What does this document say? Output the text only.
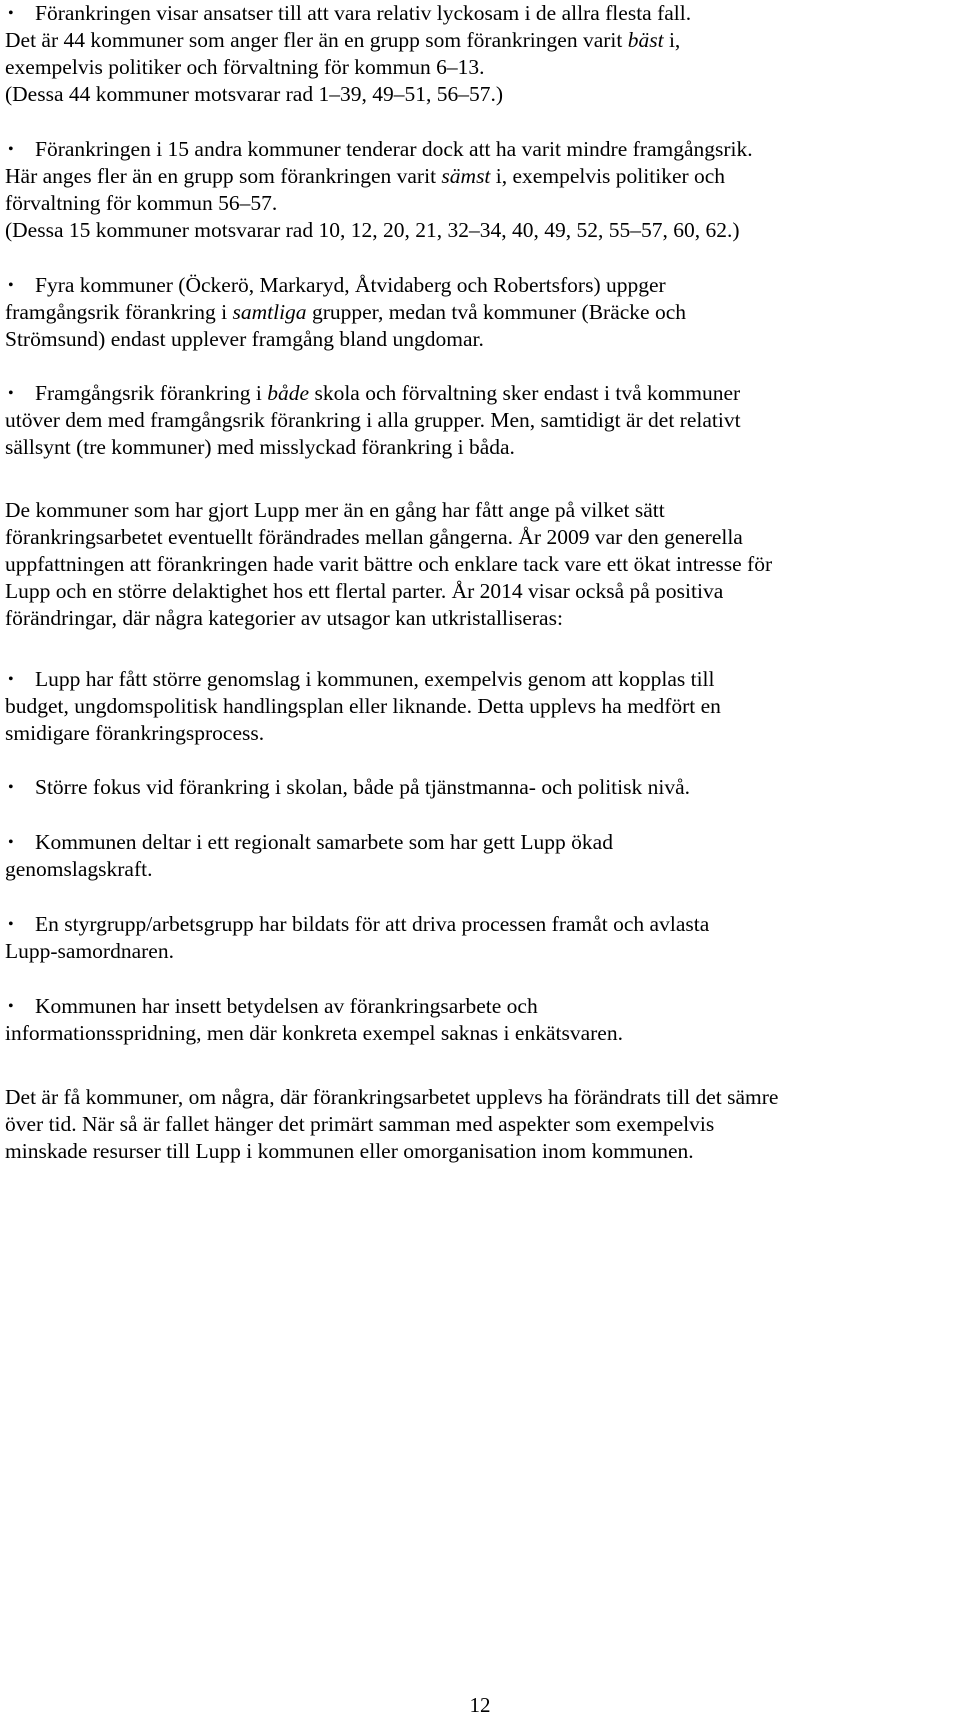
• Förankringen visar ansatser till att vara relativ lyckosam i de allra flesta fall.
Det är 44 kommuner som anger fler än en grupp som förankringen varit bäst i,
exempelvis politiker och förvaltning för kommun 6–13.
(Dessa 44 kommuner motsvarar rad 1–39, 49–51, 56–57.)
• Förankringen i 15 andra kommuner tenderar dock att ha varit mindre framgångsrik.
Här anges fler än en grupp som förankringen varit sämst i, exempelvis politiker och
förvaltning för kommun 56–57.
(Dessa 15 kommuner motsvarar rad 10, 12, 20, 21, 32–34, 40, 49, 52, 55–57, 60, 62.)
• Fyra kommuner (Öckerö, Markaryd, Åtvidaberg och Robertsfors) uppger
framgångsrik förankring i samtliga grupper, medan två kommuner (Bräcke och
Strömsund) endast upplever framgång bland ungdomar.
• Framgångsrik förankring i både skola och förvaltning sker endast i två kommuner
utöver dem med framgångsrik förankring i alla grupper. Men, samtidigt är det relativt
sällsynt (tre kommuner) med misslyckad förankring i båda.
De kommuner som har gjort Lupp mer än en gång har fått ange på vilket sätt
förankringsarbetet eventuellt förändrades mellan gångerna. År 2009 var den generella
uppfattningen att förankringen hade varit bättre och enklare tack vare ett ökat intresse för
Lupp och en större delaktighet hos ett flertal parter. År 2014 visar också på positiva
förändringar, där några kategorier av utsagor kan utkristalliseras:
• Lupp har fått större genomslag i kommunen, exempelvis genom att kopplas till
budget, ungdomspolitisk handlingsplan eller liknande. Detta upplevs ha medfört en
smidigare förankringsprocess.
• Större fokus vid förankring i skolan, både på tjänstmanna- och politisk nivå.
• Kommunen deltar i ett regionalt samarbete som har gett Lupp ökad
genomslagskraft.
• En styrgrupp/arbetsgrupp har bildats för att driva processen framåt och avlasta
Lupp-samordnaren.
• Kommunen har insett betydelsen av förankringsarbete och
informationsspridning, men där konkreta exempel saknas i enkätsvaren.
Det är få kommuner, om några, där förankringsarbetet upplevs ha förändrats till det sämre
över tid. När så är fallet hänger det primärt samman med aspekter som exempelvis
minskade resurser till Lupp i kommunen eller omorganisation inom kommunen.
12
